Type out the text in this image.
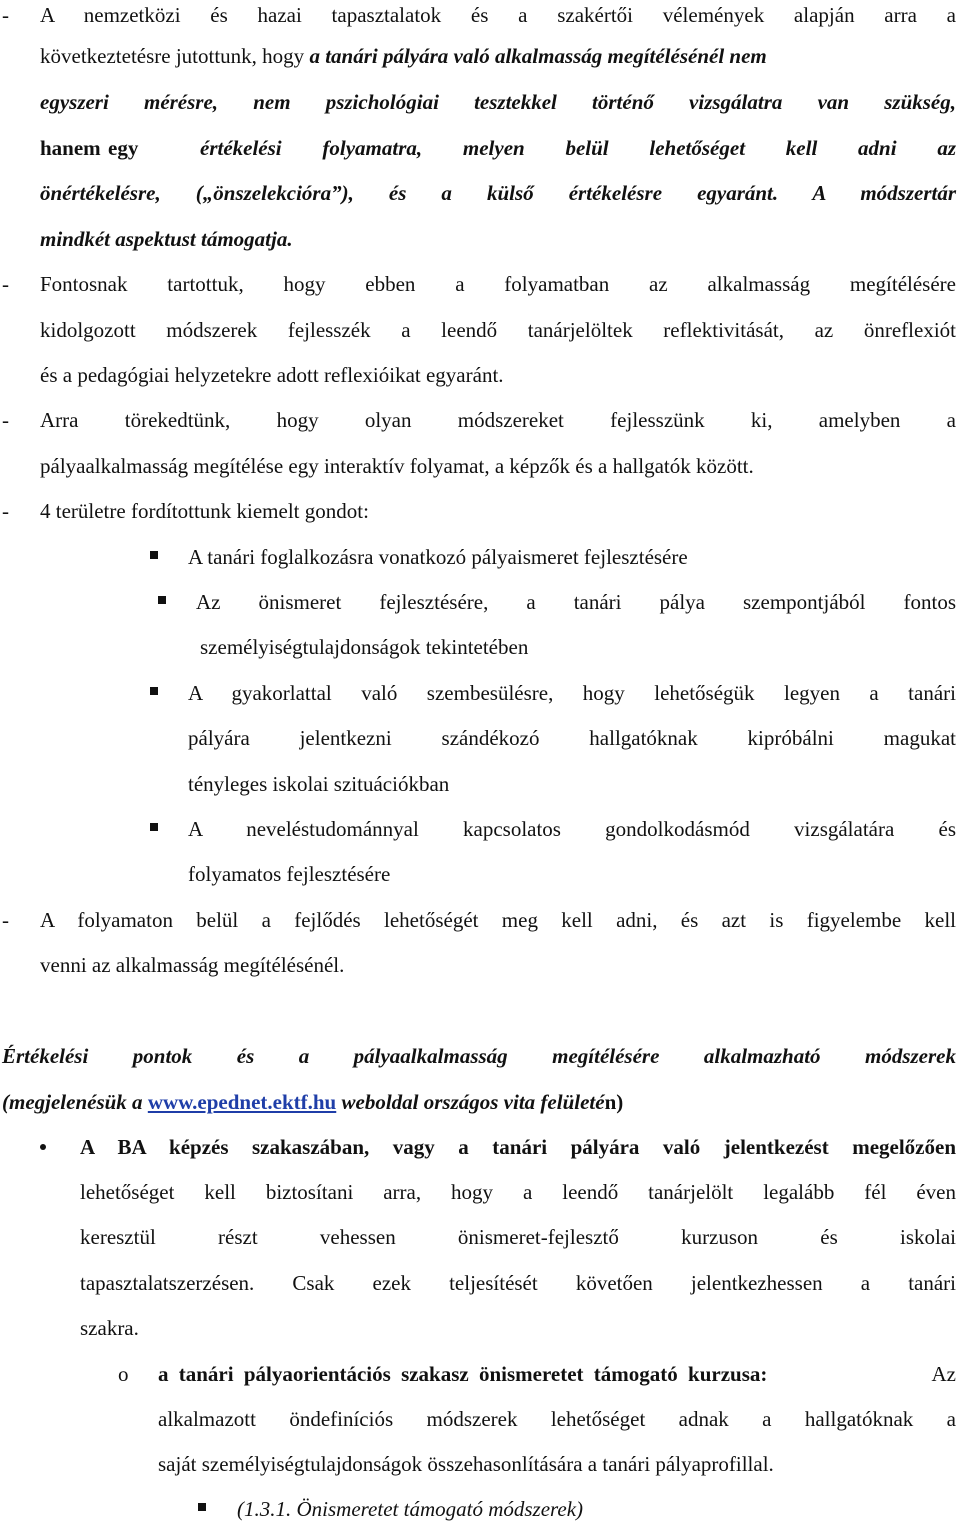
- A nemzetközi és hazai tapasztalatok és a szakértői vélemények alapján arra a
következtetésre jutottunk, hogy a tanári pályára való alkalmasság megítélésénél nem
egyszeri mérésre, nem pszichológiai tesztekkel történő vizsgálatra van szükség,
hanem egy	értékelési folyamatra, melyen belül lehetőséget kell adni az
önértékelésre, („önszelekcióra”), és a külső értékelésre egyaránt. A módszertár
mindkét aspektust támogatja.
- Fontosnak tartottuk, hogy ebben a folyamatban az alkalmasság megítélésére
kidolgozott módszerek fejlesszék a leendő tanárjelöltek reflektivitását, az önreflexiót
és a pedagógiai helyzetekre adott reflexióikat egyaránt.
- Arra törekedtünk, hogy olyan módszereket fejlesszünk ki, amelyben a
pályaalkalmasság megítélése egy interaktív folyamat, a képzők és a hallgatók között.
- 4 területre fordítottunk kiemelt gondot:
A tanári foglalkozásra vonatkozó pályaismeret fejlesztésére
Az önismeret fejlesztésére, a tanári pálya szempontjából fontos
személyiségtulajdonságok tekintetében
A gyakorlattal való szembesülésre, hogy lehetőségük legyen a tanári
pályára jelentkezni szándékozó hallgatóknak kipróbálni magukat
tényleges iskolai szituációkban
A neveléstudománnyal kapcsolatos gondolkodásmód vizsgálatára és
folyamatos fejlesztésére
- A folyamaton belül a fejlődés lehetőségét meg kell adni, és azt is figyelembe kell
venni az alkalmasság megítélésénél.
Értékelési pontok és a pályaalkalmasság megítélésére alkalmazható módszerek
(megjelenésük a www.epednet.ektf.hu weboldal országos vita felületén)
A BA képzés szakaszában, vagy a tanári pályára való jelentkezést megelőzően
lehetőséget kell biztosítani arra, hogy a leendő tanárjelölt legalább fél éven
keresztül részt vehessen önismeret-fejlesztő kurzuson és iskolai
tapasztalatszerzésen. Csak ezek teljesítését követően jelentkezhessen a tanári
szakra.
o a tanári pályaorientációs szakasz önismeretet támogató kurzusa:	Az
alkalmazott öndefiníciós módszerek lehetőséget adnak a hallgatóknak a
saját személyiségtulajdonságok összehasonlítására a tanári pályaprofillal.
(1.3.1. Önismeretet támogató módszerek)
